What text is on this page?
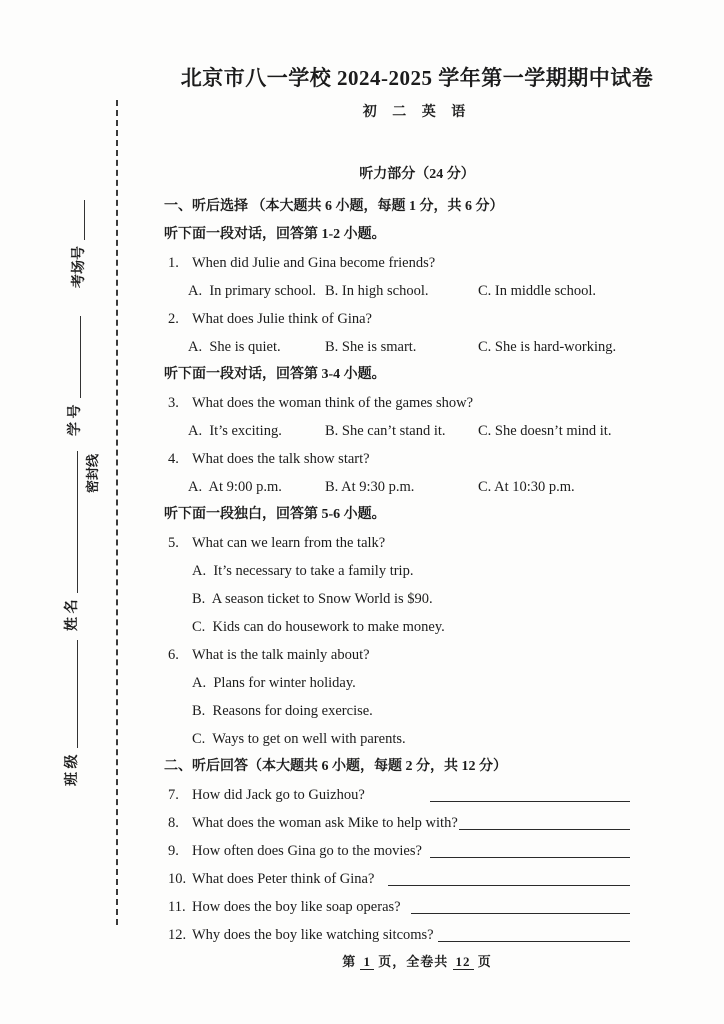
密封线

考场号

学 号

姓 名

班 级

北京市八一学校 2024-2025 学年第一学期期中试卷
初 二 英 语
听力部分（24 分）
一、听后选择 （本大题共 6 小题，每题 1 分，共 6 分）
听下面一段对话，回答第 1-2 小题。
1. When did Julie and Gina become friends?
A.  In primary school. B. In high school.	C. In middle school.
2. What does Julie think of Gina?
A.  She is quiet.	B. She is smart.	C. She is hard-working.
听下面一段对话，回答第 3-4 小题。
3. What does the woman think of the games show?
A.  It’s exciting.	B. She can’t stand it.	C. She doesn’t mind it.
4. What does the talk show start?
A.  At 9:00 p.m.	B. At 9:30 p.m.	C. At 10:30 p.m.
听下面一段独白，回答第 5-6 小题。
5. What can we learn from the talk?
A.  It’s necessary to take a family trip.
B.  A season ticket to Snow World is $90.
C.  Kids can do housework to make money.
6. What is the talk mainly about?
A.  Plans for winter holiday.
B.  Reasons for doing exercise.
C.  Ways to get on well with parents.
二、听后回答（本大题共 6 小题，每题 2 分，共 12 分）
7. How did Jack go to Guizhou?
8. What does the woman ask Mike to help with?
9. How often does Gina go to the movies?
10. What does Peter think of Gina?
11. How does the boy like soap operas?
12. Why does the boy like watching sitcoms?
第 1 页，全卷共 12 页
